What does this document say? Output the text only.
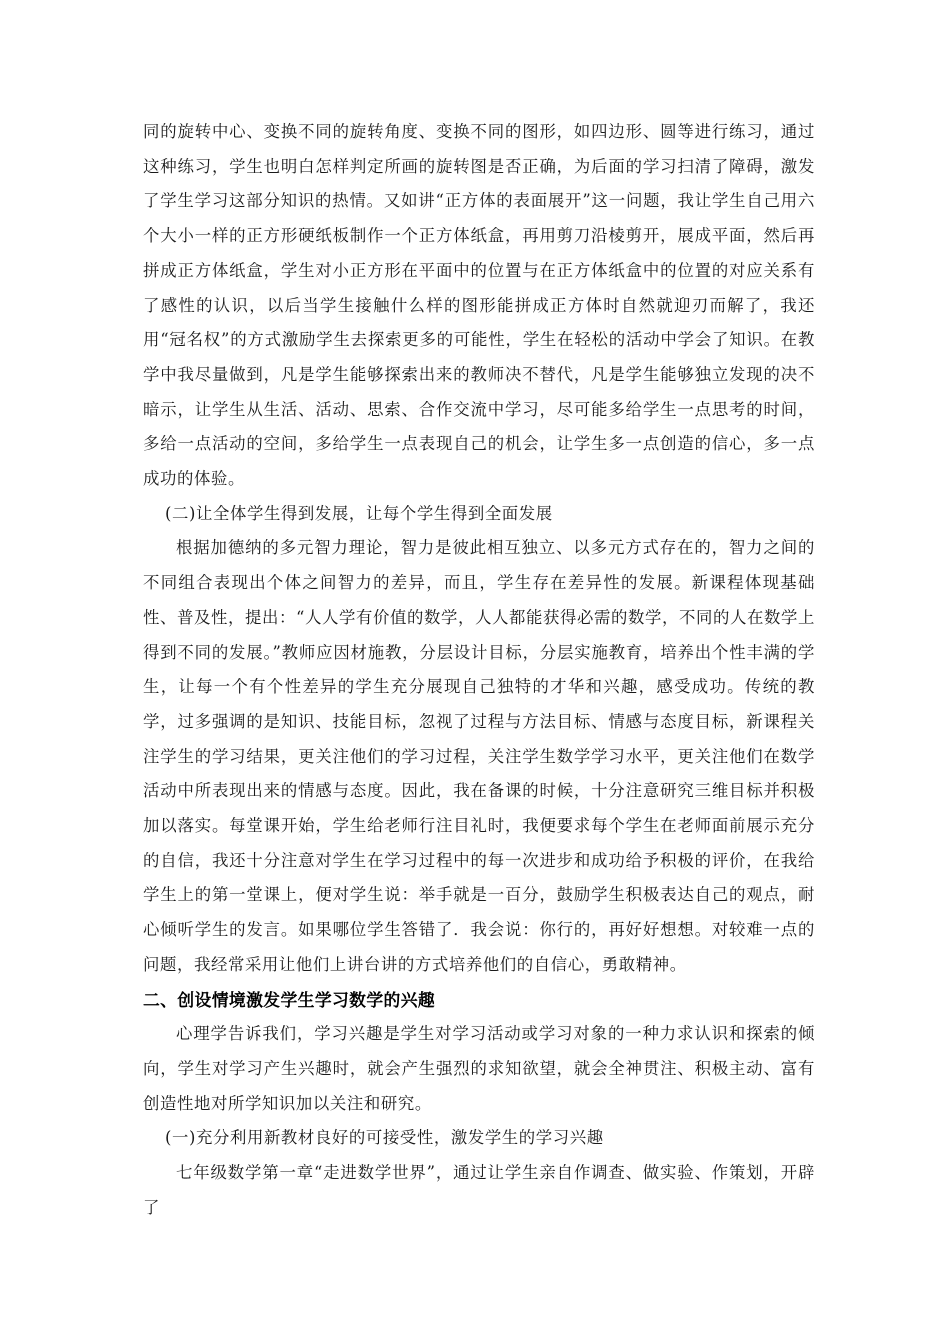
同的旋转中心、变换不同的旋转角度、变换不同的图形，如四边形、圆等进行练习，通过这种练习，学生也明白怎样判定所画的旋转图是否正确，为后面的学习扫清了障碍，激发了学生学习这部分知识的热情。又如讲“正方体的表面展开”这一问题，我让学生自己用六个大小一样的正方形硬纸板制作一个正方体纸盒，再用剪刀沿棱剪开，展成平面，然后再拼成正方体纸盒，学生对小正方形在平面中的位置与在正方体纸盒中的位置的对应关系有了感性的认识，以后当学生接触什么样的图形能拼成正方体时自然就迎刃而解了，我还用“冠名权”的方式激励学生去探索更多的可能性，学生在轻松的活动中学会了知识。在教学中我尽量做到，凡是学生能够探索出来的教师决不替代，凡是学生能够独立发现的决不暗示，让学生从生活、活动、思索、合作交流中学习，尽可能多给学生一点思考的时间，多给一点活动的空间，多给学生一点表现自己的机会，让学生多一点创造的信心，多一点成功的体验。

(二)让全体学生得到发展，让每个学生得到全面发展

根据加德纳的多元智力理论，智力是彼此相互独立、以多元方式存在的，智力之间的不同组合表现出个体之间智力的差异，而且，学生存在差异性的发展。新课程体现基础性、普及性，提出：“人人学有价值的数学，人人都能获得必需的数学，不同的人在数学上得到不同的发展。”教师应因材施教，分层设计目标，分层实施教育，培养出个性丰满的学生，让每一个有个性差异的学生充分展现自己独特的才华和兴趣，感受成功。传统的教学，过多强调的是知识、技能目标，忽视了过程与方法目标、情感与态度目标，新课程关注学生的学习结果，更关注他们的学习过程，关注学生数学学习水平，更关注他们在数学活动中所表现出来的情感与态度。因此，我在备课的时候，十分注意研究三维目标并积极加以落实。每堂课开始，学生给老师行注目礼时，我便要求每个学生在老师面前展示充分的自信，我还十分注意对学生在学习过程中的每一次进步和成功给予积极的评价，在我给学生上的第一堂课上，便对学生说：举手就是一百分，鼓励学生积极表达自己的观点，耐心倾听学生的发言。如果哪位学生答错了．我会说：你行的，再好好想想。对较难一点的问题，我经常采用让他们上讲台讲的方式培养他们的自信心，勇敢精神。

二、创设情境激发学生学习数学的兴趣

心理学告诉我们，学习兴趣是学生对学习活动或学习对象的一种力求认识和探索的倾向，学生对学习产生兴趣时，就会产生强烈的求知欲望，就会全神贯注、积极主动、富有创造性地对所学知识加以关注和研究。

(一)充分利用新教材良好的可接受性，激发学生的学习兴趣

七年级数学第一章“走进数学世界”，通过让学生亲自作调查、做实验、作策划，开辟了
